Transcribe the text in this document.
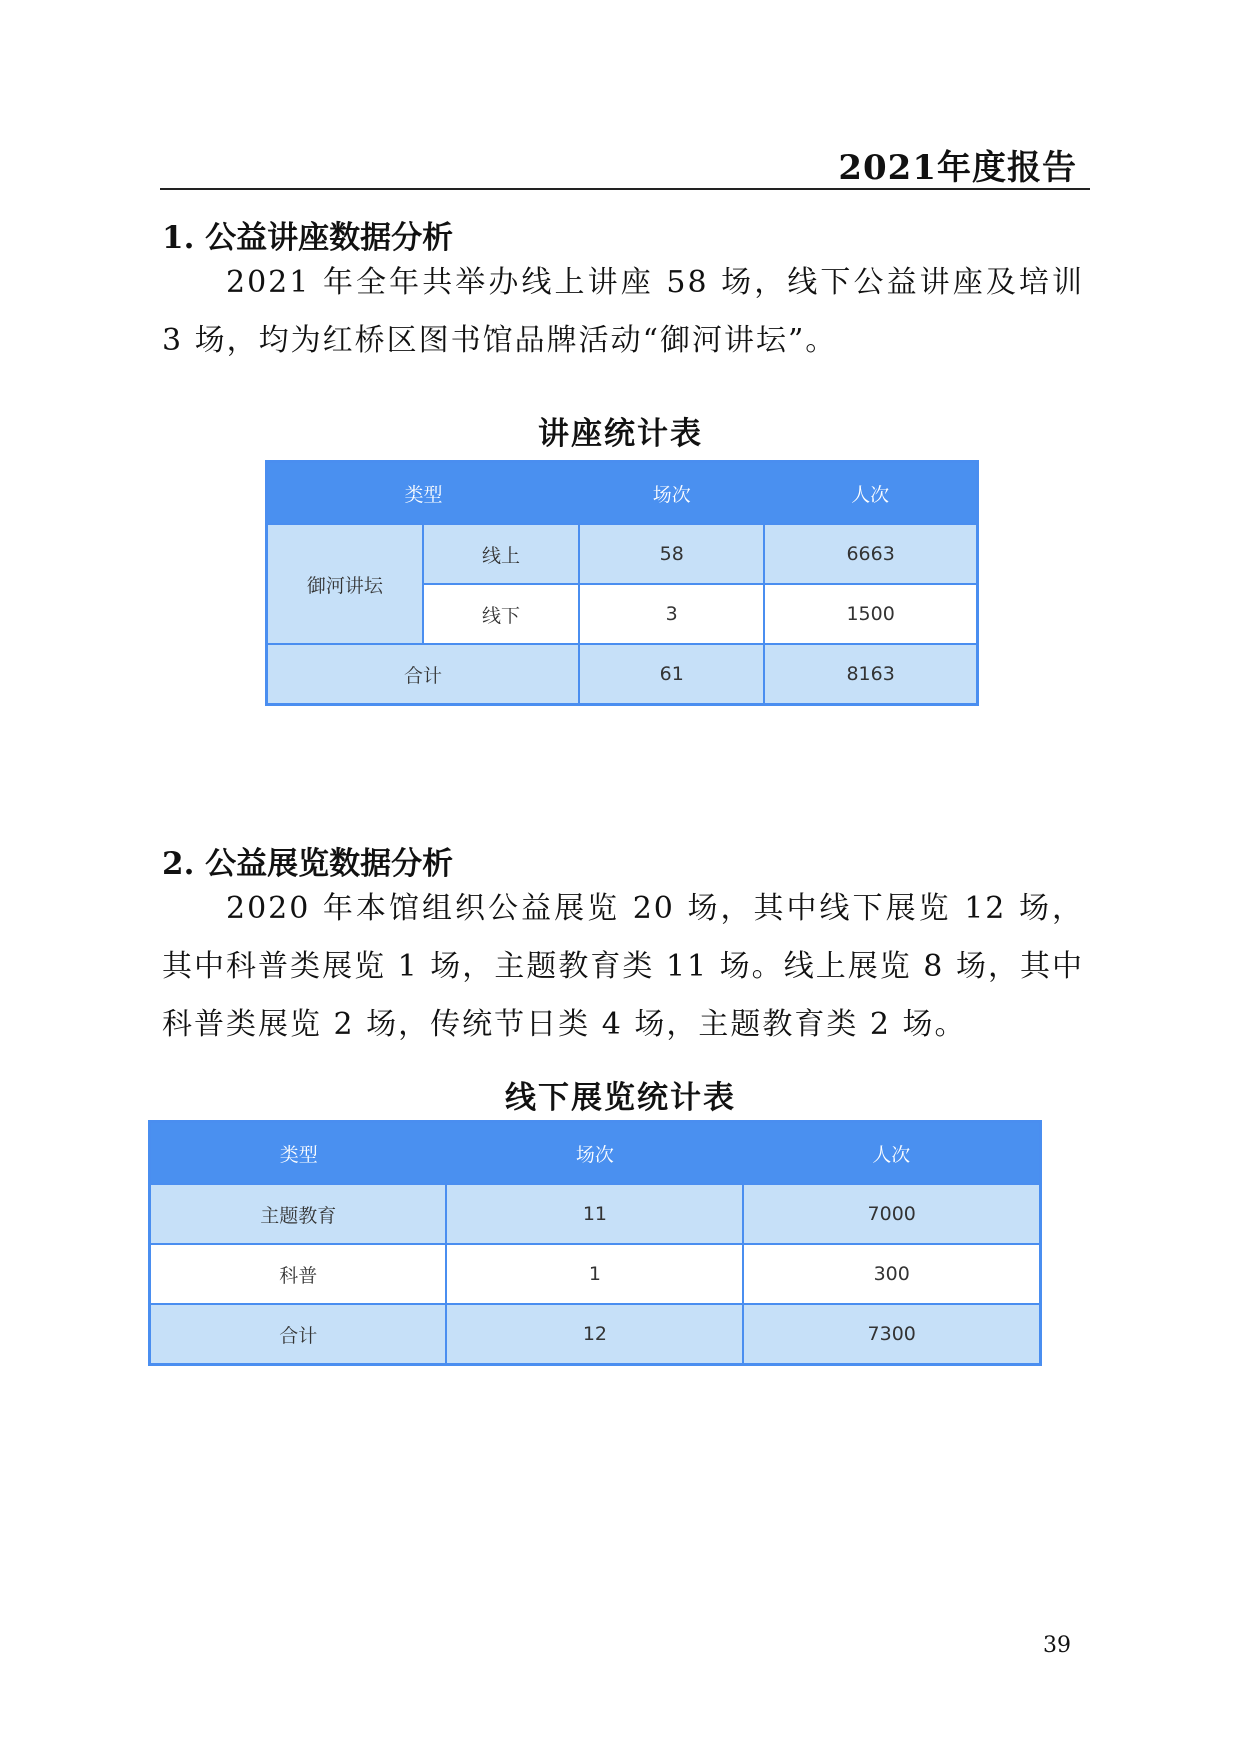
2021年度报告
1. 公益讲座数据分析
2021 年全年共举办线上讲座 58 场，线下公益讲座及培训 3 场，均为红桥区图书馆品牌活动“御河讲坛”。
讲座统计表
类型		场次	人次
御河讲坛	线上	58	6663
	线下	3	1500
合计		61	8163
2. 公益展览数据分析
2020 年本馆组织公益展览 20 场，其中线下展览 12 场，其中科普类展览 1 场，主题教育类 11 场。线上展览 8 场，其中科普类展览 2 场，传统节日类 4 场，主题教育类 2 场。
线下展览统计表
类型	场次	人次
主题教育	11	7000
科普	1	300
合计	12	7300
39
